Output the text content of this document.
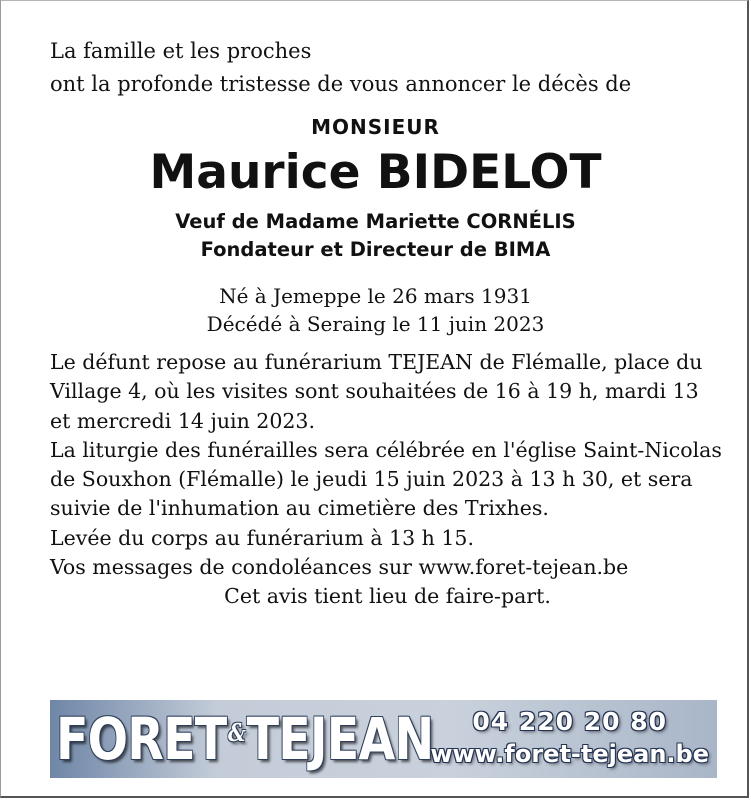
La famille et les proches
ont la profonde tristesse de vous annoncer le décès de
MONSIEUR
Maurice BIDELOT
Veuf de Madame Mariette CORNÉLIS
Fondateur et Directeur de BIMA
Né à Jemeppe le 26 mars 1931
Décédé à Seraing le 11 juin 2023

Le défunt repose au funérarium TEJEAN de Flémalle, place du Village 4, où les visites sont souhaitées de 16 à 19 h, mardi 13 et mercredi 14 juin 2023.

La liturgie des funérailles sera célébrée en l'église Saint-Nicolas de Souxhon (Flémalle) le jeudi 15 juin 2023 à 13 h 30, et sera suivie de l'inhumation au cimetière des Trixhes.

Levée du corps au funérarium à 13 h 15.

Vos messages de condoléances sur www.foret-tejean.be

Cet avis tient lieu de faire-part.

FORET&TEJEAN	04 220 20 80
www.foret-tejean.be
